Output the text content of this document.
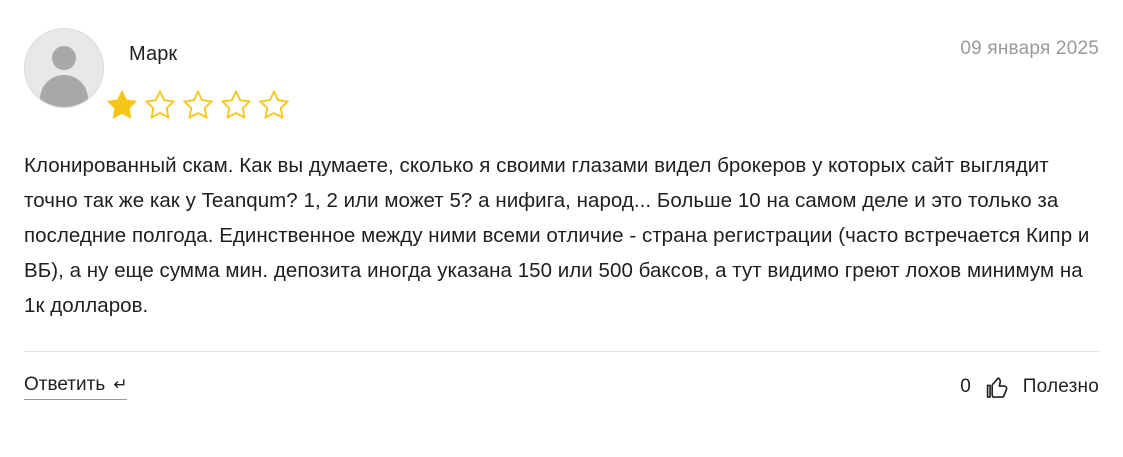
Марк	09 января 2025
Клонированный скам. Как вы думаете, сколько я своими глазами видел брокеров у которых сайт выглядит точно так же как у Teanqum? 1, 2 или может 5? а нифига, народ... Больше 10 на самом деле и это только за последние полгода. Единственное между ними всеми отличие - страна регистрации (часто встречается Кипр и ВБ), а ну еще сумма мин. депозита иногда указана 150 или 500 баксов, а тут видимо греют лохов минимум на 1к долларов.
Ответить ↵	0	Полезно
